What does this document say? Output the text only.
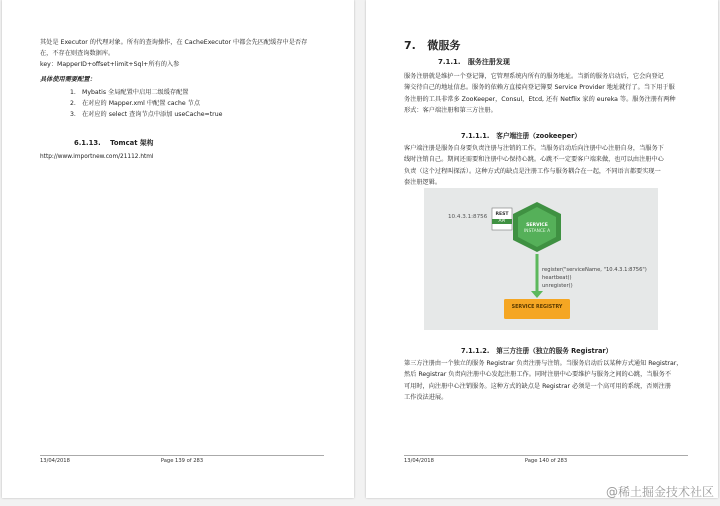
其处是 Executor 的代理对象。所有的查询操作，在 CacheExecutor 中都会先匹配缓存中是否存

在，不存在则查询数据库。

key：MapperID+offset+limit+Sql+所有的入参

具体使用需要配置：

1. Mybatis 全局配置中启用二级缓存配置
2. 在对应的 Mapper.xml 中配置 cache 节点
3. 在对应的 select 查询节点中添加 useCache=true
6.1.13. Tomcat 架构

http://www.importnew.com/21112.html

13/04/2018	Page 139 of 283
7. 微服务
7.1.1. 服务注册发现

服务注册就是维护一个登记簿，它管理系统内所有的服务地址。当新的服务启动后，它会向登记

簿交待自己的地址信息。服务的依赖方直接向登记簿要 Service Provider 地址就行了。当下用于服

务注册的工具非常多 ZooKeeper，Consul，Etcd, 还有 Netflix 家的 eureka 等。服务注册有两种

形式：客户端注册和第三方注册。

7.1.1.1. 客户端注册（zookeeper）

客户端注册是服务自身要负责注册与注销的工作。当服务启动后向注册中心注册自身，当服务下

线时注销自己。期间还需要和注册中心保持心跳。心跳不一定要客户端来做，也可以由注册中心

负责（这个过程叫探活）。这种方式的缺点是注册工作与服务耦合在一起，不同语言都要实现一

套注册逻辑。

10.4.3.1:8756	REST
API
SERVICE
INSTANCE A
register("serviceName, "10.4.3.1:8756")
heartbeat()
unregister()
SERVICE REGISTRY
7.1.1.2. 第三方注册（独立的服务 Registrar）

第三方注册由一个独立的服务 Registrar 负责注册与注销。当服务启动后以某种方式通知 Registrar，

然后 Registrar 负责向注册中心发起注册工作。同时注册中心要维护与服务之间的心跳，当服务不

可用时，向注册中心注销服务。这种方式的缺点是 Registrar 必须是一个高可用的系统，否则注册

工作没法进展。

13/04/2018	Page 140 of 283
@稀土掘金技术社区
